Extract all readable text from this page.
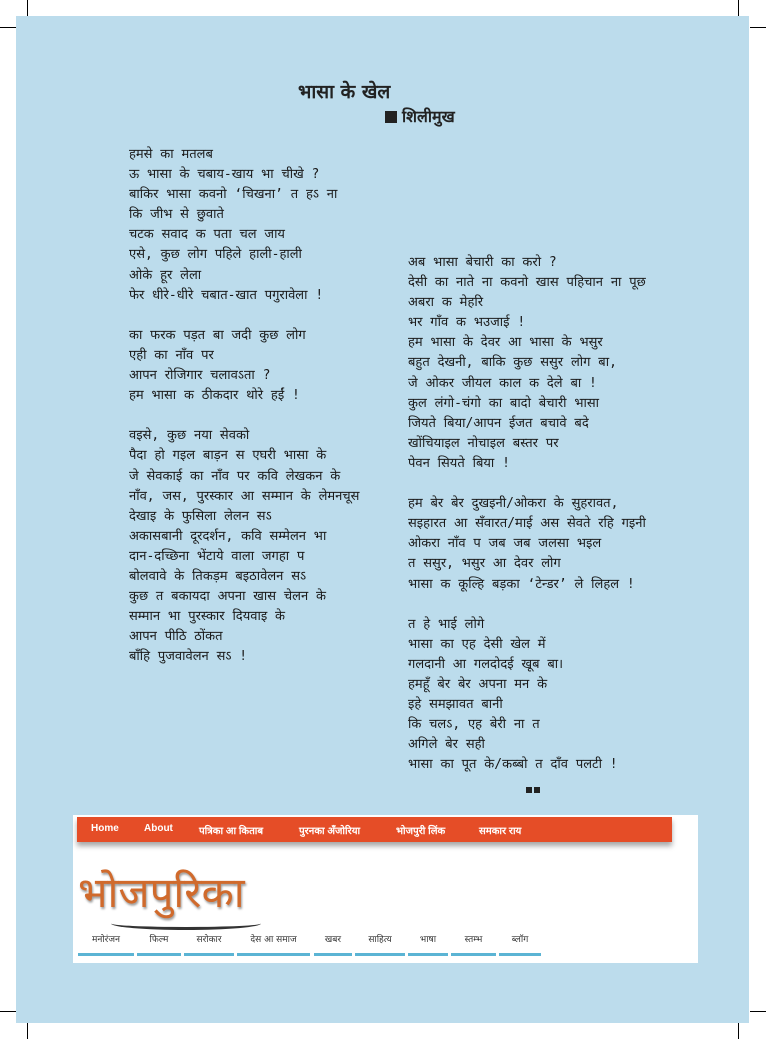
भासा के खेल
शिलीमुख
हमसे का मतलब
ऊ भासा के चबाय-खाय भा चीखे ?
बाकिर भासा कवनो ‘चिखना’ त हऽ ना
कि जीभ से छुवाते
चटक सवाद क पता चल जाय
एसे, कुछ लोग पहिले हाली-हाली
ओके हूर लेला
फेर धीरे-धीरे चबात-खात पगुरावेला !
का फरक पड़त बा जदी कुछ लोग
एही का नाँव पर
आपन रोजिगार चलावऽता ?
हम भासा क ठीकदार थोरे हईं !
वइसे, कुछ नया सेवको
पैदा हो गइल बाड़न स एघरी भासा के
जे सेवकाई का नाँव पर कवि लेखकन के
नाँव, जस, पुरस्कार आ सम्मान के लेमनचूस
देखाइ के फुसिला लेलन सऽ
अकासबानी दूरदर्शन, कवि सम्मेलन भा
दान-दच्छिना भेंटाये वाला जगहा प
बोलवावे के तिकड़म बइठावेलन सऽ
कुछ त बकायदा अपना खास चेलन के
सम्मान भा पुरस्कार दियवाइ के
आपन पीठि ठोंकत
बाँहि पुजवावेलन सऽ !
अब भासा बेचारी का करो ?
देसी का नाते ना कवनो खास पहिचान ना पूछ
अबरा क मेहरि
भर गाँव क भउजाई !
हम भासा के देवर आ भासा के भसुर
बहुत देखनी, बाकि कुछ ससुर लोग बा,
जे ओकर जीयल काल क देले बा !
कुल लंगो-चंगो का बादो बेचारी भासा
जियते बिया/आपन ईजत बचावे बदे
खोंचियाइल नोचाइल बस्तर पर
पेवन सियते बिया !
हम बेर बेर दुखइनी/ओकरा के सुहरावत,
सइहारत आ सँवारत/माई अस सेवते रहि गइनी
ओकरा नाँव प जब जब जलसा भइल
त ससुर, भसुर आ देवर लोग
भासा क कूल्हि बड़का ‘टेन्डर’ ले लिहल !
त हे भाई लोगे
भासा का एह देसी खेल में
गलदानी आ गलदोदई खूब बा।
हमहूँ बेर बेर अपना मन के
इहे समझावत बानी
कि चलऽ, एह बेरी ना त
अगिले बेर सही
भासा का पूत के/कब्बो त दाँव पलटी !
Home	About	पत्रिका आ किताब	पुरनका अँजोरिया	भोजपुरी लिंक	समकार राय
भोजपुरिका
मनोरंजन	फिल्म	सरोकार	देस आ समाज	खबर	साहित्य	भाषा	स्तम्भ	ब्लॉग
